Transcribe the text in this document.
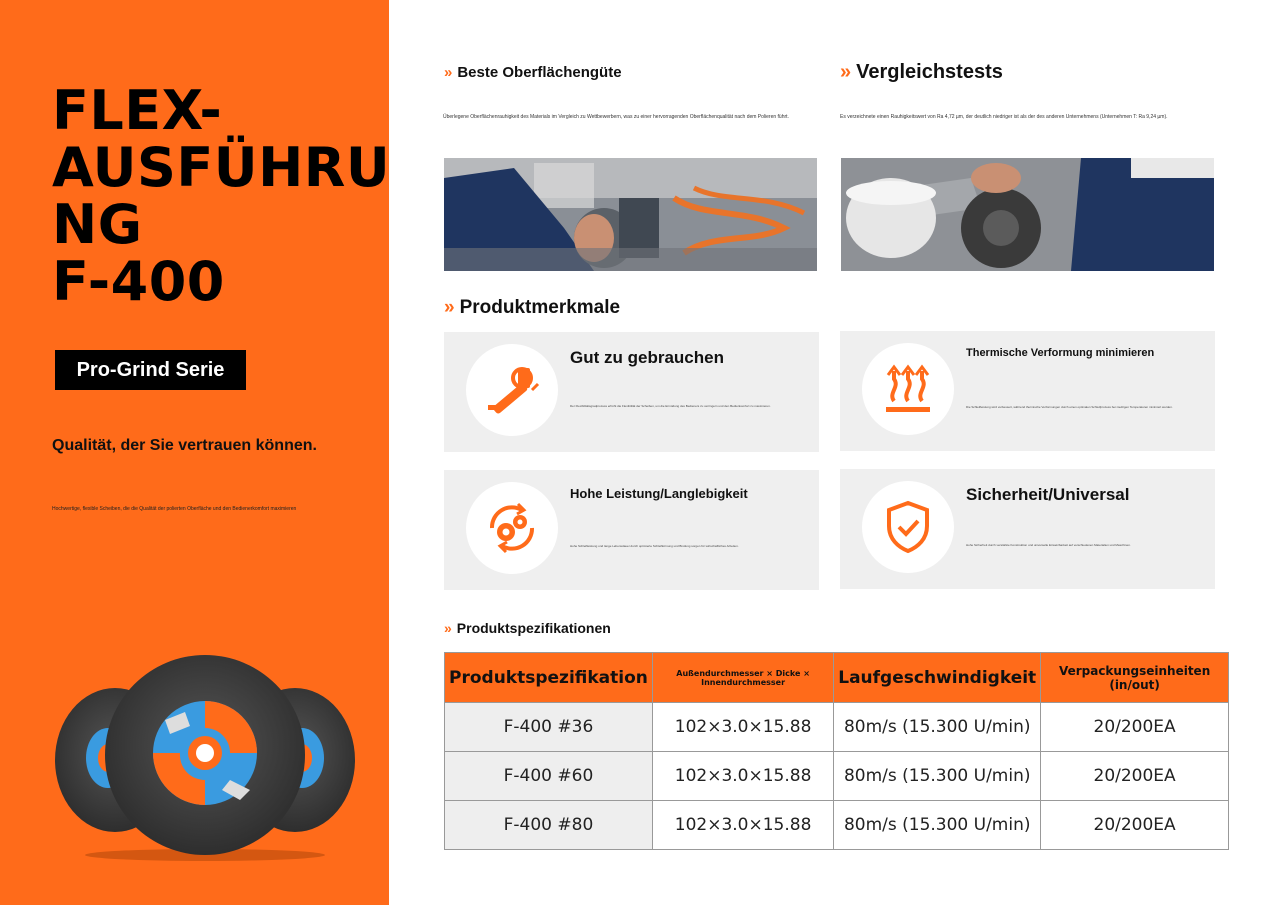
FLEX-
AUSFÜHRU
NG
F-400
Pro-Grind Serie
Qualität, der Sie vertrauen können.
Hochwertige, flexible Scheiben, die die Qualität der polierten Oberfläche und den Bedienerkomfort maximieren
» Beste Oberflächengüte
Überlegene Oberflächenrauhigkeit des Materials im Vergleich zu Wettbewerbern, was zu einer hervorragenden Oberflächenqualität nach dem Polieren führt.
» Vergleichstests
Es verzeichnete einen Rauhigkeitswert von Ra 4,72 µm, der deutlich niedriger ist als der des anderen Unternehmens (Unternehmen T: Ra 9,24 µm).
» Produktmerkmale
Gut zu gebrauchen
Der Flexibilitätsgradprozess erhöht die Flexibilität der Scheiben, um die Ermüdung des Bedieners zu verringern und den Bedienkomfort zu maximieren.
Thermische Verformung minimieren
Die Schleifleistung wird verbessert, während thermische Verformungen durch einen optimalen Schleifprozess bei niedrigen Temperaturen minimiert werden.
Hohe Leistung/Langlebigkeit
Hohe Schleifleistung und lange Lebensdauer durch optimierte Schleifkörnung und Bindung sorgen für wirtschaftliches Arbeiten.
Sicherheit/Universal
Hohe Sicherheit durch verstärkte Konstruktion und universelle Einsetzbarkeit auf verschiedenen Materialien und Maschinen.
» Produktspezifikationen
Produktspezifikation	Außendurchmesser × Dicke × Innendurchmesser	Laufgeschwindigkeit	Verpackungseinheiten (in/out)
F-400 #36	102×3.0×15.88	80m/s (15.300 U/min)	20/200EA
F-400 #60	102×3.0×15.88	80m/s (15.300 U/min)	20/200EA
F-400 #80	102×3.0×15.88	80m/s (15.300 U/min)	20/200EA
